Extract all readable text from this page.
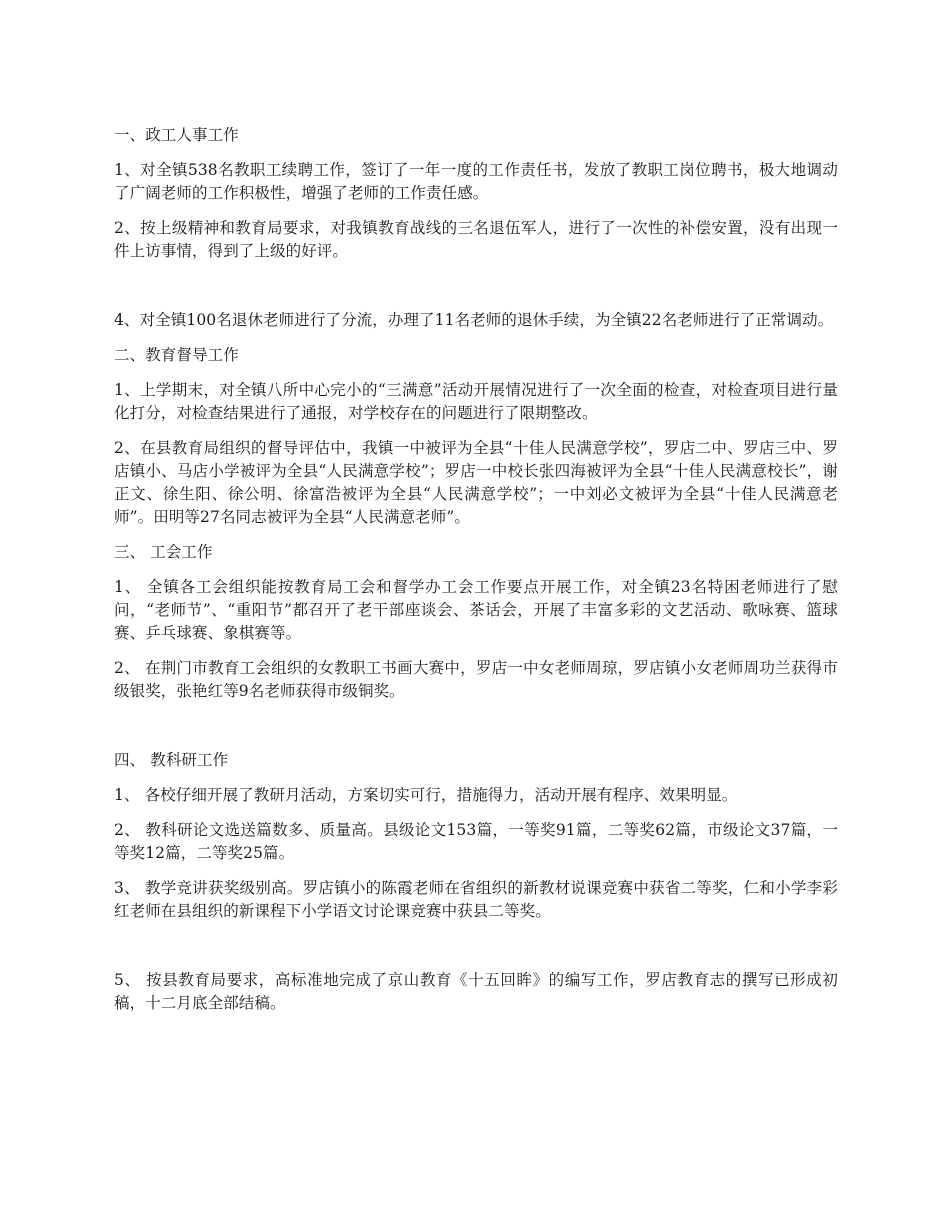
一、政工人事工作
1、对全镇538名教职工续聘工作，签订了一年一度的工作责任书，发放了教职工岗位聘书，极大地调动了广阔老师的工作积极性，增强了老师的工作责任感。
2、按上级精神和教育局要求，对我镇教育战线的三名退伍军人，进行了一次性的补偿安置，没有出现一件上访事情，得到了上级的好评。
4、对全镇100名退休老师进行了分流，办理了11名老师的退休手续，为全镇22名老师进行了正常调动。
二、教育督导工作
1、上学期末，对全镇八所中心完小的“三满意”活动开展情况进行了一次全面的检查，对检查项目进行量化打分，对检查结果进行了通报，对学校存在的问题进行了限期整改。
2、在县教育局组织的督导评估中，我镇一中被评为全县“十佳人民满意学校”，罗店二中、罗店三中、罗店镇小、马店小学被评为全县“人民满意学校”；罗店一中校长张四海被评为全县“十佳人民满意校长”，谢正文、徐生阳、徐公明、徐富浩被评为全县“人民满意学校”；一中刘必文被评为全县“十佳人民满意老师”。田明等27名同志被评为全县“人民满意老师”。
三、 工会工作
1、 全镇各工会组织能按教育局工会和督学办工会工作要点开展工作，对全镇23名特困老师进行了慰问，“老师节”、“重阳节”都召开了老干部座谈会、茶话会，开展了丰富多彩的文艺活动、歌咏赛、篮球赛、乒乓球赛、象棋赛等。
2、 在荆门市教育工会组织的女教职工书画大赛中，罗店一中女老师周琼，罗店镇小女老师周功兰获得市级银奖，张艳红等9名老师获得市级铜奖。
四、 教科研工作
1、 各校仔细开展了教研月活动，方案切实可行，措施得力，活动开展有程序、效果明显。
2、 教科研论文选送篇数多、质量高。县级论文153篇，一等奖91篇，二等奖62篇，市级论文37篇，一等奖12篇，二等奖25篇。
3、 教学竞讲获奖级别高。罗店镇小的陈霞老师在省组织的新教材说课竞赛中获省二等奖，仁和小学李彩红老师在县组织的新课程下小学语文讨论课竞赛中获县二等奖。
5、 按县教育局要求，高标准地完成了京山教育《十五回眸》的编写工作，罗店教育志的撰写已形成初稿，十二月底全部结稿。
